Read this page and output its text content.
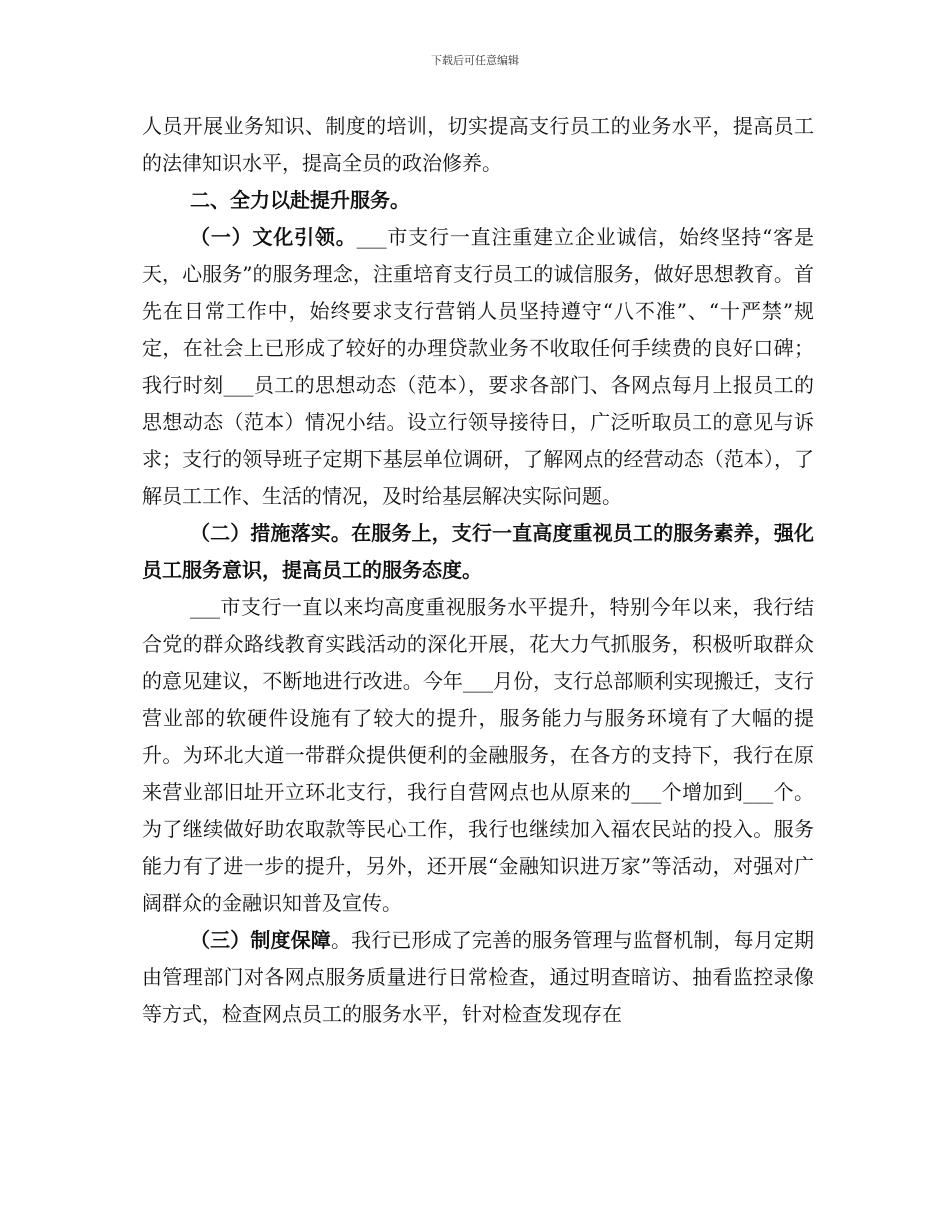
下载后可任意编辑

人员开展业务知识、制度的培训，切实提高支行员工的业务水平，提高员工的法律知识水平，提高全员的政治修养。

二、全力以赴提升服务。

（一）文化引领。___市支行一直注重建立企业诚信，始终坚持“客是天，心服务”的服务理念，注重培育支行员工的诚信服务，做好思想教育。首先在日常工作中，始终要求支行营销人员坚持遵守“八不准”、“十严禁”规定，在社会上已形成了较好的办理贷款业务不收取任何手续费的良好口碑；我行时刻___员工的思想动态（范本），要求各部门、各网点每月上报员工的思想动态（范本）情况小结。设立行领导接待日，广泛听取员工的意见与诉求；支行的领导班子定期下基层单位调研，了解网点的经营动态（范本），了解员工工作、生活的情况，及时给基层解决实际问题。

（二）措施落实。在服务上，支行一直高度重视员工的服务素养，强化员工服务意识，提高员工的服务态度。

___市支行一直以来均高度重视服务水平提升，特别今年以来，我行结合党的群众路线教育实践活动的深化开展，花大力气抓服务，积极听取群众的意见建议，不断地进行改进。今年___月份，支行总部顺利实现搬迁，支行营业部的软硬件设施有了较大的提升，服务能力与服务环境有了大幅的提升。为环北大道一带群众提供便利的金融服务，在各方的支持下，我行在原来营业部旧址开立环北支行，我行自营网点也从原来的___个增加到___个。为了继续做好助农取款等民心工作，我行也继续加入福农民站的投入。服务能力有了进一步的提升，另外，还开展“金融知识进万家”等活动，对强对广阔群众的金融识知普及宣传。

（三）制度保障。我行已形成了完善的服务管理与监督机制，每月定期由管理部门对各网点服务质量进行日常检查，通过明查暗访、抽看监控录像等方式，检查网点员工的服务水平，针对检查发现存在
